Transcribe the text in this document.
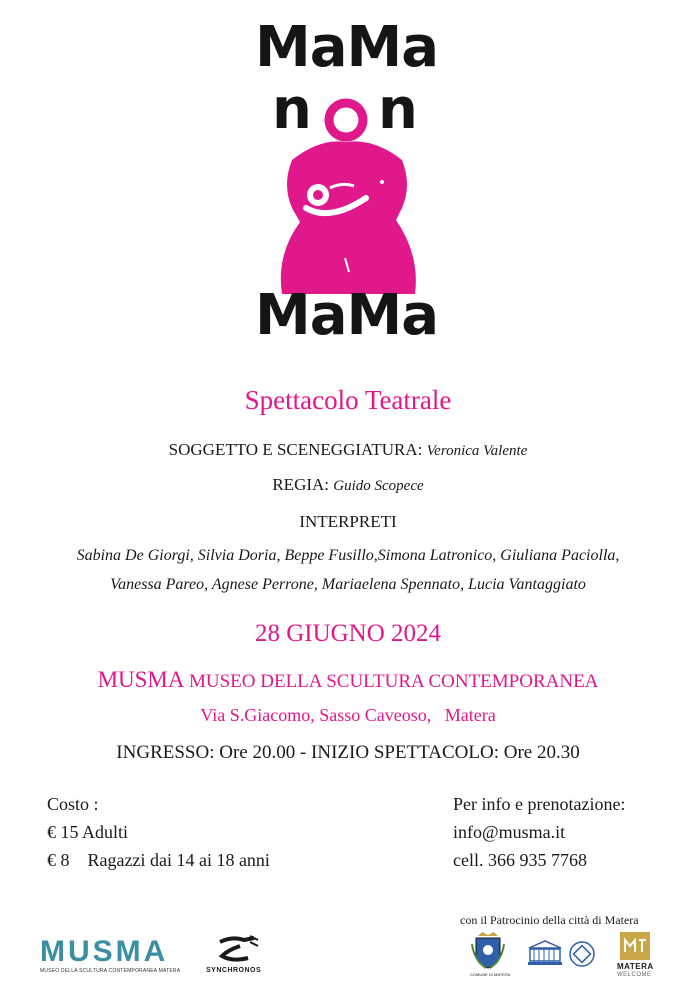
MaMa
n n
MaMa
Spettacolo Teatrale
SOGGETTO E SCENEGGIATURA: Veronica Valente
REGIA: Guido Scopece
INTERPRETI
Sabina De Giorgi, Silvia Doria, Beppe Fusillo,Simona Latronico, Giuliana Paciolla,
Vanessa Pareo, Agnese Perrone, Mariaelena Spennato, Lucia Vantaggiato
28 GIUGNO 2024
MUSMA MUSEO DELLA SCULTURA CONTEMPORANEA
Via S.Giacomo, Sasso Caveoso,   Matera
INGRESSO: Ore 20.00 - INIZIO SPETTACOLO: Ore 20.30
Costo :
€ 15 Adulti
€ 8    Ragazzi dai 14 ai 18 anni
Per info e prenotazione:
info@musma.it
cell. 366 935 7768
con il Patrocinio della città di Matera
MUSMA
MUSEO DELLA SCULTURA CONTEMPORANEA MATERA	SYNCHRONOS
COMUNE DI MATERA
MATERA
WELCOME
